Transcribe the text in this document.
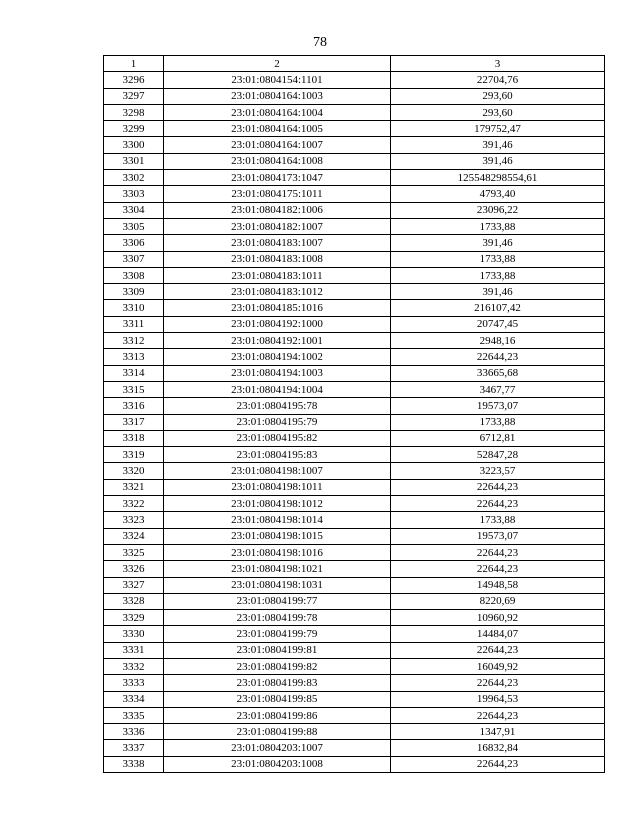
78
1	2	3
3296	23:01:0804154:1101	22704,76
3297	23:01:0804164:1003	293,60
3298	23:01:0804164:1004	293,60
3299	23:01:0804164:1005	179752,47
3300	23:01:0804164:1007	391,46
3301	23:01:0804164:1008	391,46
3302	23:01:0804173:1047	125548298554,61
3303	23:01:0804175:1011	4793,40
3304	23:01:0804182:1006	23096,22
3305	23:01:0804182:1007	1733,88
3306	23:01:0804183:1007	391,46
3307	23:01:0804183:1008	1733,88
3308	23:01:0804183:1011	1733,88
3309	23:01:0804183:1012	391,46
3310	23:01:0804185:1016	216107,42
3311	23:01:0804192:1000	20747,45
3312	23:01:0804192:1001	2948,16
3313	23:01:0804194:1002	22644,23
3314	23:01:0804194:1003	33665,68
3315	23:01:0804194:1004	3467,77
3316	23:01:0804195:78	19573,07
3317	23:01:0804195:79	1733,88
3318	23:01:0804195:82	6712,81
3319	23:01:0804195:83	52847,28
3320	23:01:0804198:1007	3223,57
3321	23:01:0804198:1011	22644,23
3322	23:01:0804198:1012	22644,23
3323	23:01:0804198:1014	1733,88
3324	23:01:0804198:1015	19573,07
3325	23:01:0804198:1016	22644,23
3326	23:01:0804198:1021	22644,23
3327	23:01:0804198:1031	14948,58
3328	23:01:0804199:77	8220,69
3329	23:01:0804199:78	10960,92
3330	23:01:0804199:79	14484,07
3331	23:01:0804199:81	22644,23
3332	23:01:0804199:82	16049,92
3333	23:01:0804199:83	22644,23
3334	23:01:0804199:85	19964,53
3335	23:01:0804199:86	22644,23
3336	23:01:0804199:88	1347,91
3337	23:01:0804203:1007	16832,84
3338	23:01:0804203:1008	22644,23
